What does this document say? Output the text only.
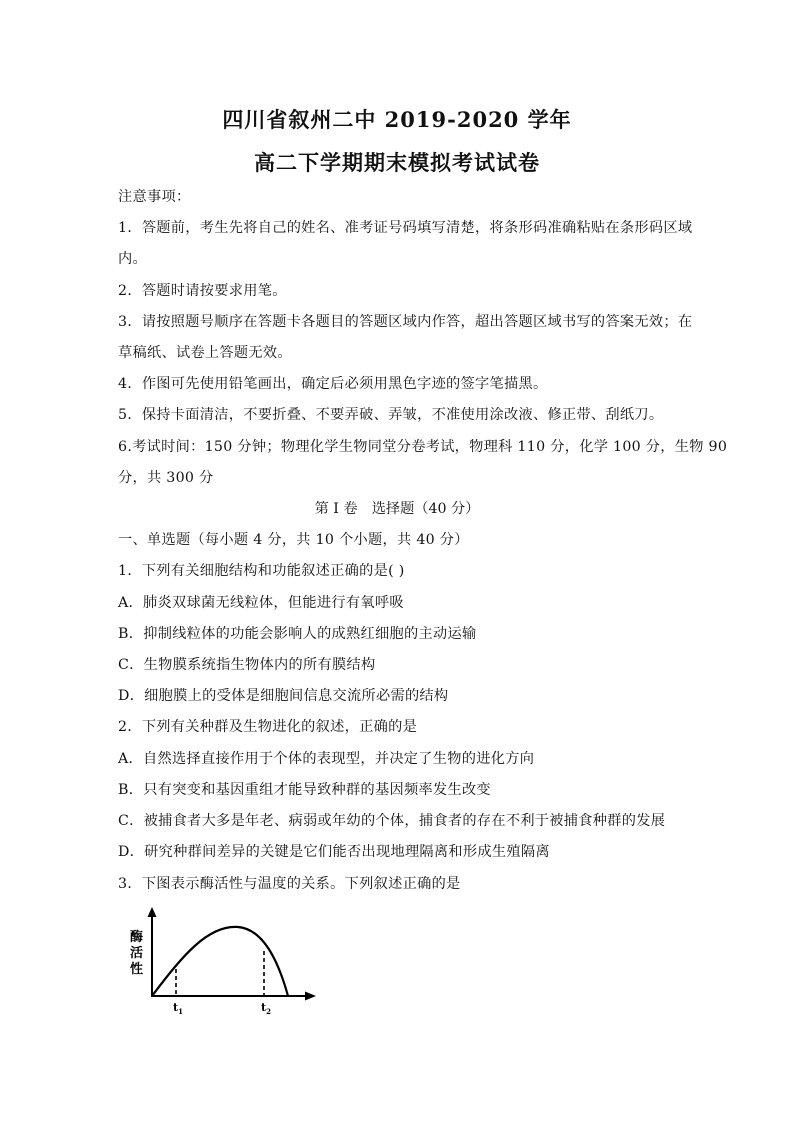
四川省叙州二中 2019-2020 学年
高二下学期期末模拟考试试卷
注意事项：
1．答题前，考生先将自己的姓名、准考证号码填写清楚，将条形码准确粘贴在条形码区域
内。
2．答题时请按要求用笔。
3．请按照题号顺序在答题卡各题目的答题区域内作答，超出答题区域书写的答案无效；在
草稿纸、试卷上答题无效。
4．作图可先使用铅笔画出，确定后必须用黑色字迹的签字笔描黑。
5．保持卡面清洁，不要折叠、不要弄破、弄皱，不准使用涂改液、修正带、刮纸刀。
6.考试时间：150 分钟；物理化学生物同堂分卷考试，物理科 110 分，化学 100 分，生物 90
分，共 300 分
第 I 卷　选择题（40 分）
一、单选题（每小题 4 分，共 10 个小题，共 40 分）
1．下列有关细胞结构和功能叙述正确的是( )
A．肺炎双球菌无线粒体，但能进行有氧呼吸
B．抑制线粒体的功能会影响人的成熟红细胞的主动运输
C．生物膜系统指生物体内的所有膜结构
D．细胞膜上的受体是细胞间信息交流所必需的结构
2．下列有关种群及生物进化的叙述，正确的是
A．自然选择直接作用于个体的表现型，并决定了生物的进化方向
B．只有突变和基因重组才能导致种群的基因频率发生改变
C．被捕食者大多是年老、病弱或年幼的个体，捕食者的存在不利于被捕食种群的发展
D．研究种群间差异的关键是它们能否出现地理隔离和形成生殖隔离
3．下图表示酶活性与温度的关系。下列叙述正确的是
酶
活
性
$t_1$	$t_2$
